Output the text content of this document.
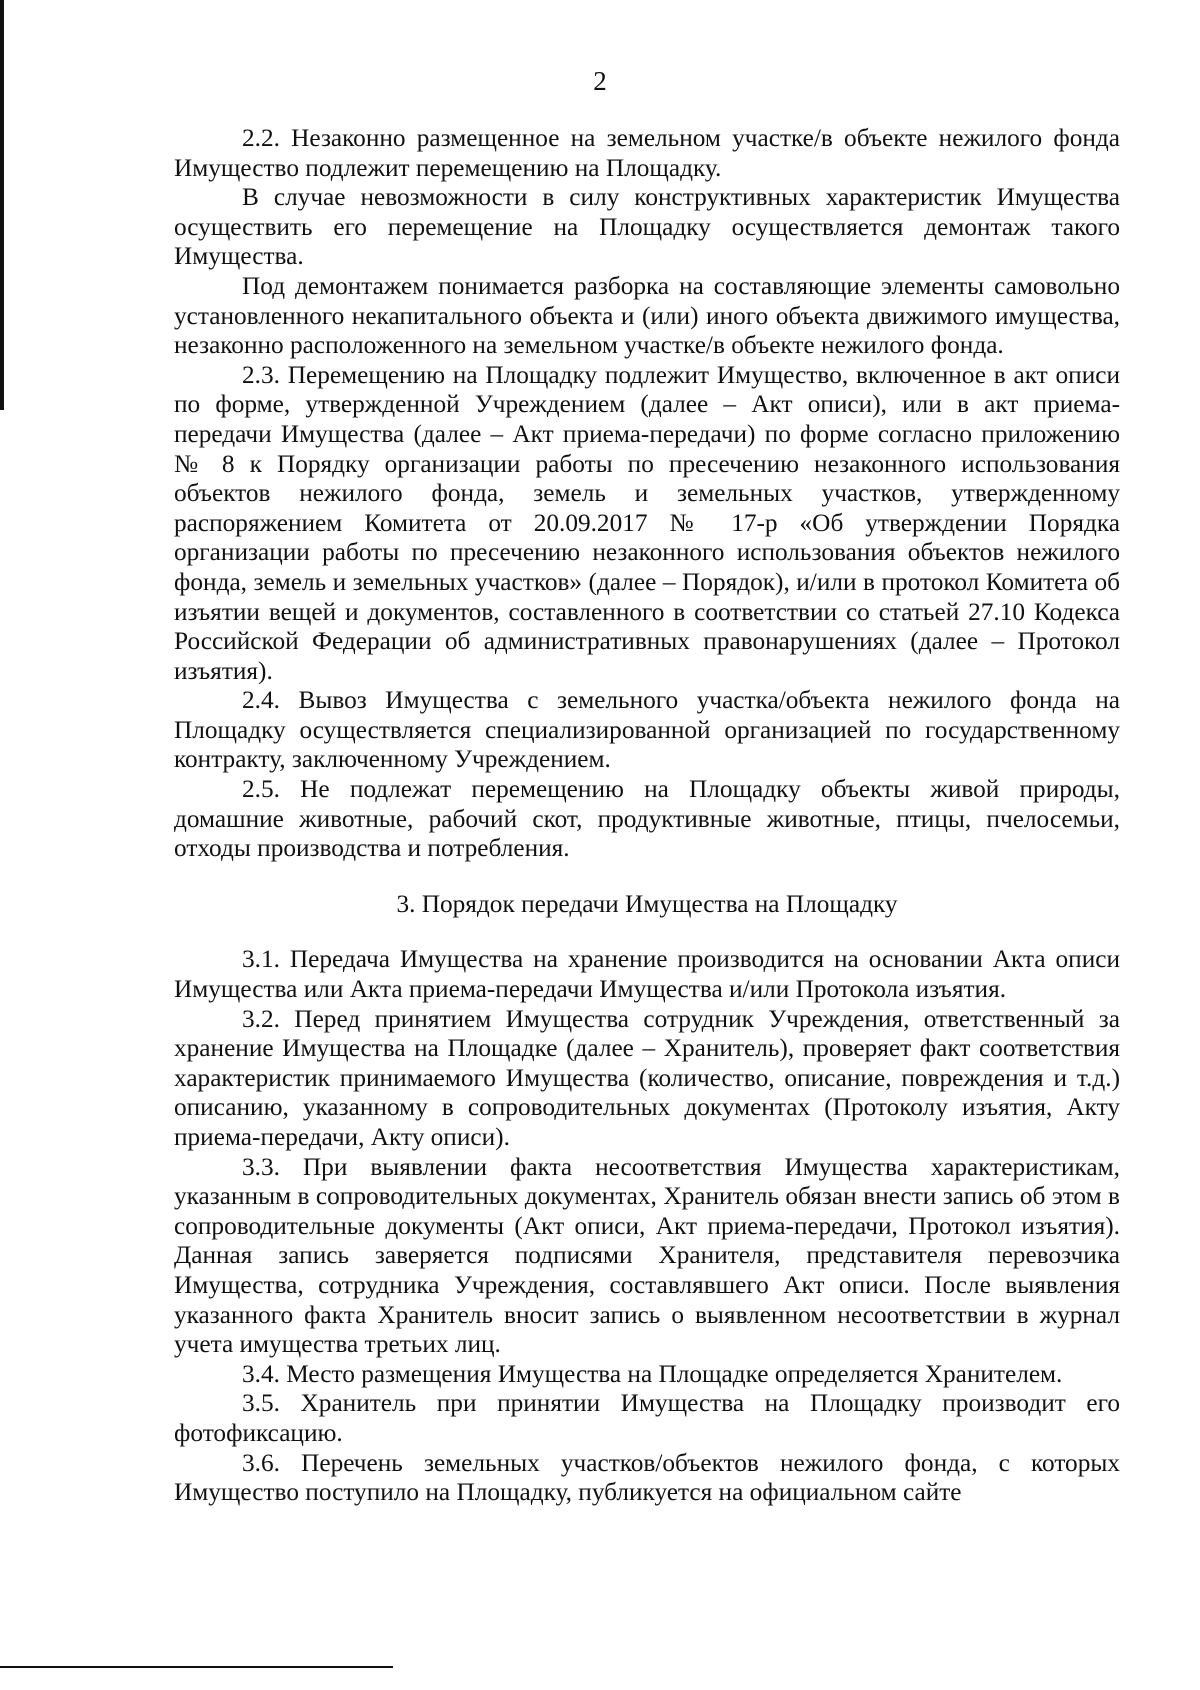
2

2.2. Незаконно размещенное на земельном участке/в объекте нежилого фонда Имущество подлежит перемещению на Площадку.

В случае невозможности в силу конструктивных характеристик Имущества осуществить его перемещение на Площадку осуществляется демонтаж такого Имущества.

Под демонтажем понимается разборка на составляющие элементы самовольно установленного некапитального объекта и (или) иного объекта движимого имущества, незаконно расположенного на земельном участке/в объекте нежилого фонда.

2.3. Перемещению на Площадку подлежит Имущество, включенное в акт описи по форме, утвержденной Учреждением (далее – Акт описи), или в акт приема-передачи Имущества (далее – Акт приема-передачи) по форме согласно приложению № 8 к Порядку организации работы по пресечению незаконного использования объектов нежилого фонда, земель и земельных участков, утвержденному распоряжением Комитета от 20.09.2017 № 17-р «Об утверждении Порядка организации работы по пресечению незаконного использования объектов нежилого фонда, земель и земельных участков» (далее – Порядок), и/или в протокол Комитета об изъятии вещей и документов, составленного в соответствии со статьей 27.10 Кодекса Российской Федерации об административных правонарушениях (далее – Протокол изъятия).

2.4. Вывоз Имущества с земельного участка/объекта нежилого фонда на Площадку осуществляется специализированной организацией по государственному контракту, заключенному Учреждением.

2.5. Не подлежат перемещению на Площадку объекты живой природы, домашние животные, рабочий скот, продуктивные животные, птицы, пчелосемьи, отходы производства и потребления.

3. Порядок передачи Имущества на Площадку

3.1. Передача Имущества на хранение производится на основании Акта описи Имущества или Акта приема-передачи Имущества и/или Протокола изъятия.

3.2. Перед принятием Имущества сотрудник Учреждения, ответственный за хранение Имущества на Площадке (далее – Хранитель), проверяет факт соответствия характеристик принимаемого Имущества (количество, описание, повреждения и т.д.) описанию, указанному в сопроводительных документах (Протоколу изъятия, Акту приема-передачи, Акту описи).

3.3. При выявлении факта несоответствия Имущества характеристикам, указанным в сопроводительных документах, Хранитель обязан внести запись об этом в сопроводительные документы (Акт описи, Акт приема-передачи, Протокол изъятия). Данная запись заверяется подписями Хранителя, представителя перевозчика Имущества, сотрудника Учреждения, составлявшего Акт описи. После выявления указанного факта Хранитель вносит запись о выявленном несоответствии в журнал учета имущества третьих лиц.

3.4. Место размещения Имущества на Площадке определяется Хранителем.

3.5. Хранитель при принятии Имущества на Площадку производит его фотофиксацию.

3.6. Перечень земельных участков/объектов нежилого фонда, с которых Имущество поступило на Площадку, публикуется на официальном сайте
